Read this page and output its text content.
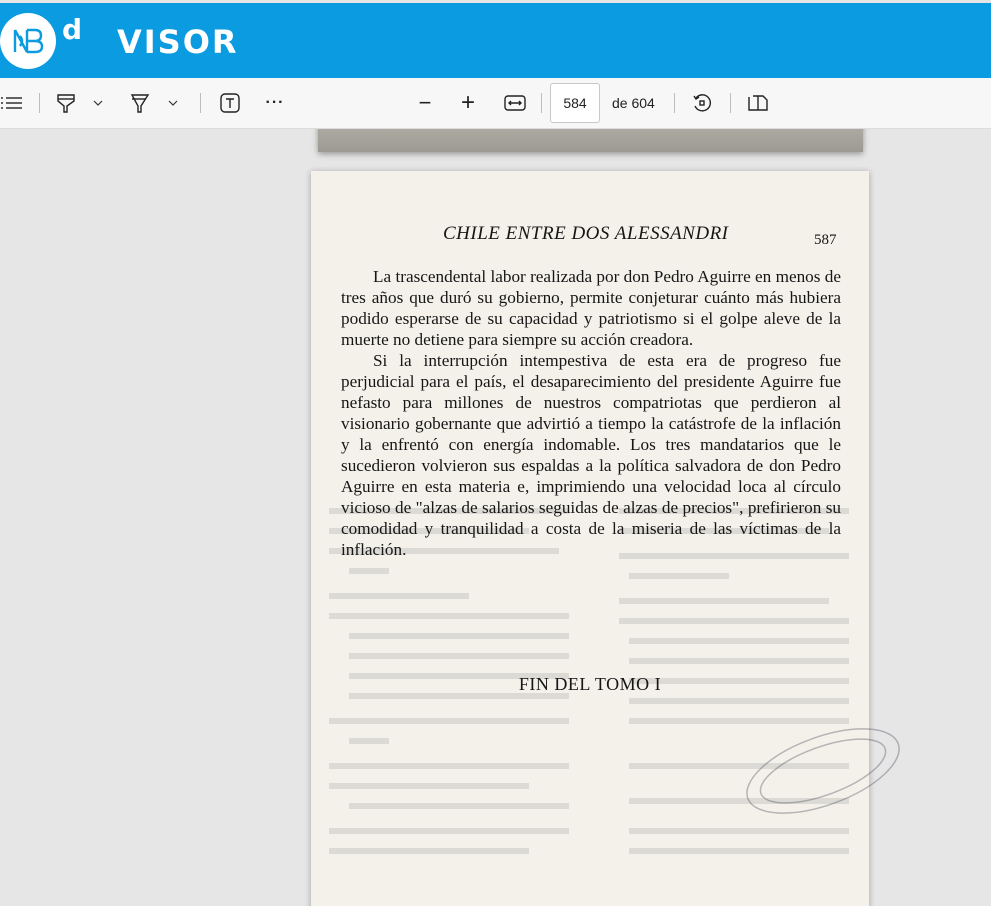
d VISOR
···	− +	584	de 604
CHILE ENTRE DOS ALESSANDRI	587

La trascendental labor realizada por don Pedro Aguirre en menos de tres años que duró su gobierno, permite conjeturar cuánto más hubiera podido esperarse de su capacidad y patriotismo si el golpe aleve de la muerte no detiene para siempre su acción creadora.

Si la interrupción intempestiva de esta era de progreso fue perjudicial para el país, el desaparecimiento del presidente Aguirre fue nefasto para millones de nuestros compatriotas que perdieron al visionario gobernante que advirtió a tiempo la catástrofe de la inflación y la enfrentó con energía indomable. Los tres mandatarios que le sucedieron volvieron sus espaldas a la política salvadora de don Pedro Aguirre en esta materia e, imprimiendo una velocidad loca al círculo vicioso de "alzas de salarios seguidas de alzas de precios", prefirieron su comodidad y tranquilidad a costa de la miseria de las víctimas de la inflación.

FIN DEL TOMO I
